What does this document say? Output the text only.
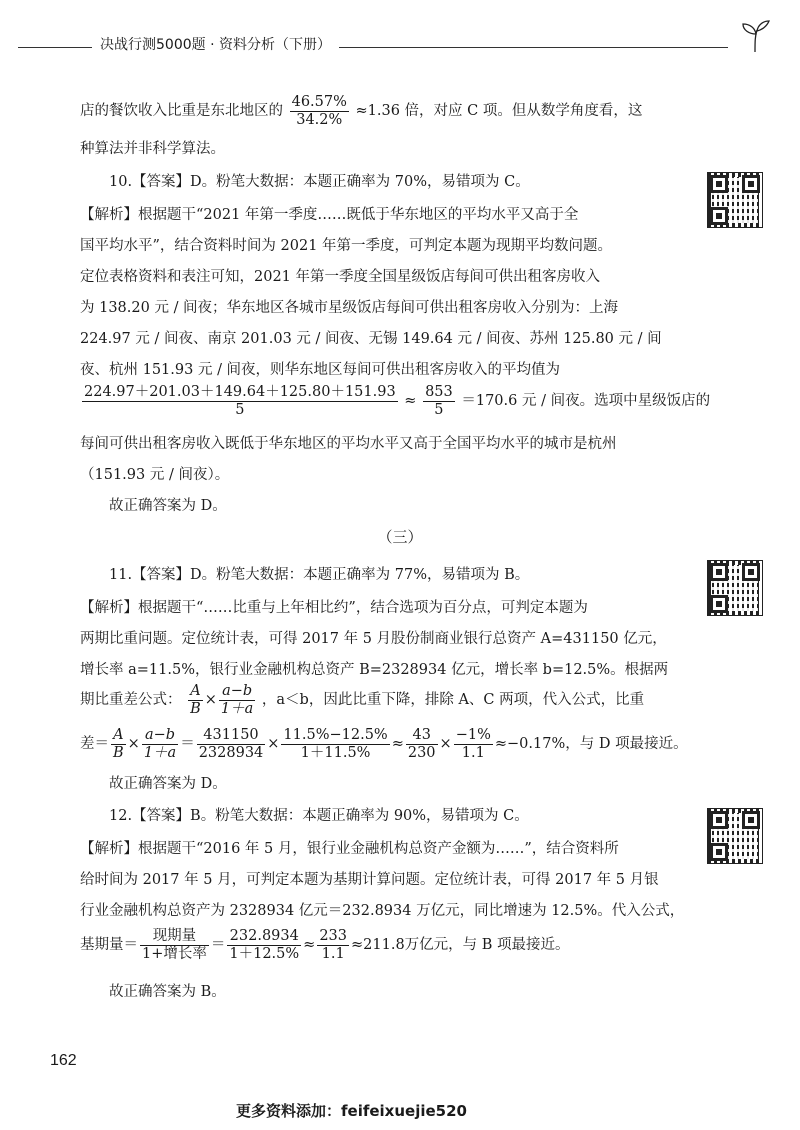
决战行测5000题 · 资料分析（下册）
店的餐饮收入比重是东北地区的 $\frac{46.57\%}{34.2\%} \approx 1.36$ 倍，对应 C 项。但从数学角度看，这
种算法并非科学算法。
10.【答案】D。粉笔大数据：本题正确率为 70%，易错项为 C。
【解析】根据题干“2021 年第一季度……既低于华东地区的平均水平又高于全
国平均水平”，结合资料时间为 2021 年第一季度，可判定本题为现期平均数问题。
定位表格资料和表注可知，2021 年第一季度全国星级饭店每间可供出租客房收入
为 138.20 元 / 间夜；华东地区各城市星级饭店每间可供出租客房收入分别为：上海
224.97 元 / 间夜、南京 201.03 元 / 间夜、无锡 149.64 元 / 间夜、苏州 125.80 元 / 间
夜、杭州 151.93 元 / 间夜，则华东地区每间可供出租客房收入的平均值为
$\frac{224.97+201.03+149.64+125.80+151.93}{5} \approx \frac{853}{5} =170.6$ 元 / 间夜。选项中星级饭店的
每间可供出租客房收入既低于华东地区的平均水平又高于全国平均水平的城市是杭州
（151.93 元 / 间夜）。
故正确答案为 D。
（三）
11.【答案】D。粉笔大数据：本题正确率为 77%，易错项为 B。
【解析】根据题干“……比重与上年相比约”，结合选项为百分点，可判定本题为
两期比重问题。定位统计表，可得 2017 年 5 月股份制商业银行总资产 A=431150 亿元，
增长率 a=11.5%，银行业金融机构总资产 B=2328934 亿元，增长率 b=12.5%。根据两
期比重差公式： $\frac{A}{B} \times \frac{a-b}{1+a}$ ，a＜b，因此比重下降，排除 A、C 两项，代入公式，比重
差＝ $\frac{A}{B} \times \frac{a-b}{1+a} = \frac{431150}{2328934} \times \frac{11.5\%-12.5\%}{1+11.5\%} \approx \frac{43}{230} \times \frac{-1\%}{1.1} \approx-0.17\%$，与 D 项最接近。
故正确答案为 D。
12.【答案】B。粉笔大数据：本题正确率为 90%，易错项为 C。
【解析】根据题干“2016 年 5 月，银行业金融机构总资产金额为……”，结合资料所
给时间为 2017 年 5 月，可判定本题为基期计算问题。定位统计表，可得 2017 年 5 月银
行业金融机构总资产为 2328934 亿元＝232.8934 万亿元，同比增速为 12.5%。代入公式，
基期量＝ $\frac{\text{现期量}}{\text{1+增长率}} = \frac{232.8934}{1+12.5\%} \approx \frac{233}{1.1} \approx 211.8$万亿元，与 B 项最接近。
故正确答案为 B。
162
更多资料添加：feifeixuejie520
